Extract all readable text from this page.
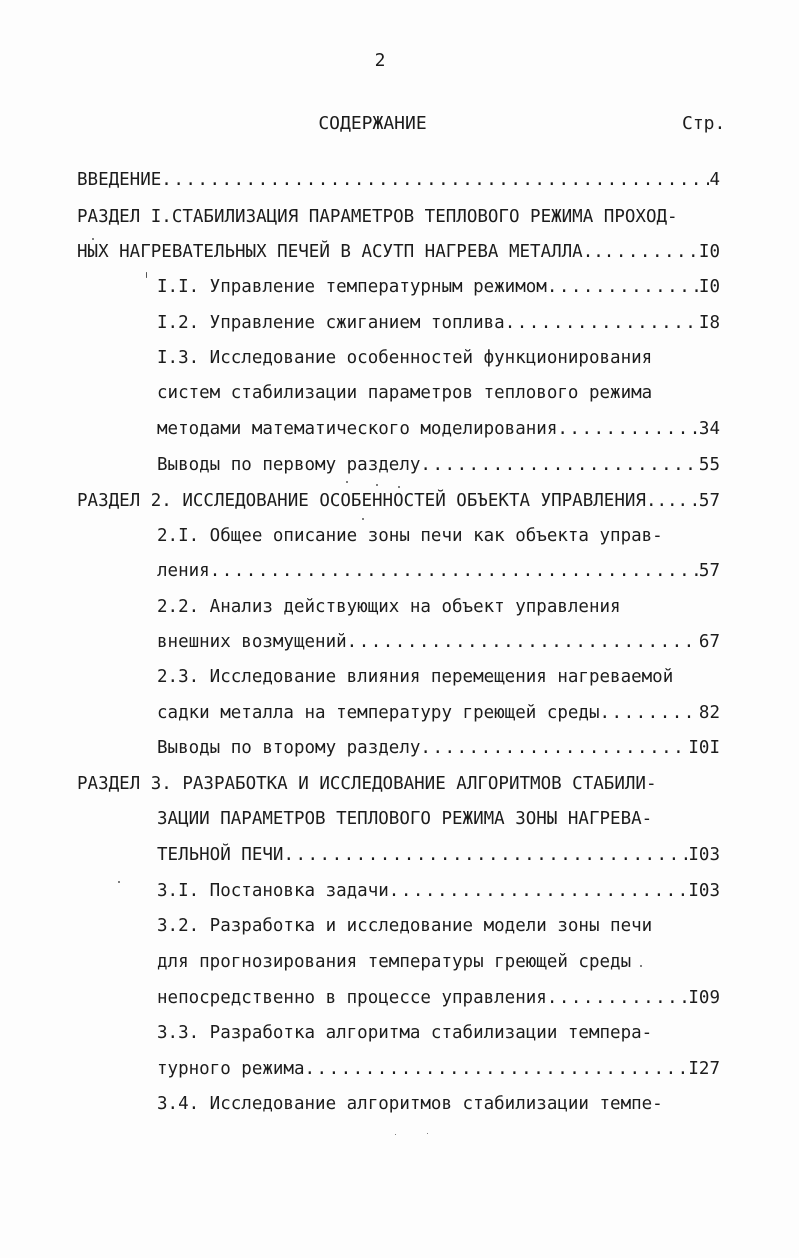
2
СОДЕРЖАНИЕ	Стр.
ВВЕДЕНИЕ .....	4
РАЗДЕЛ I.СТАБИЛИЗАЦИЯ ПАРАМЕТРОВ ТЕПЛОВОГО РЕЖИМА ПРОХОД-
НЫХ НАГРЕВАТЕЛЬНЫХ ПЕЧЕЙ В АСУТП НАГРЕВА МЕТАЛЛА.. .....	I0
I.I. Управление температурным режимом .....	I0
I.2. Управление сжиганием топлива .....	I8
I.3. Исследование особенностей функционирования
систем стабилизации параметров теплового режима
методами математического моделирования .....	34
Выводы по первому разделу .....	55
РАЗДЕЛ 2. ИССЛЕДОВАНИЕ ОСОБЕННОСТЕЙ ОБЪЕКТА УПРАВЛЕНИЯ... ..... 57
2.I. Общее описание зоны печи как объекта управ-
ления .....	57
2.2. Анализ действующих на объект управления
внешних возмущений .....	67
2.3. Исследование влияния перемещения нагреваемой
садки металла на температуру греющей среды .....	82
Выводы по второму разделу .....	I0I
РАЗДЕЛ 3. РАЗРАБОТКА И ИССЛЕДОВАНИЕ АЛГОРИТМОВ СТАБИЛИ-
ЗАЦИИ ПАРАМЕТРОВ ТЕПЛОВОГО РЕЖИМА ЗОНЫ НАГРЕВА-
ТЕЛЬНОЙ ПЕЧИ .....	I03
3.I. Постановка задачи .....	I03
3.2. Разработка и исследование модели зоны печи
для прогнозирования температуры греющей среды
непосредственно в процессе управления .....	I09
3.3. Разработка алгоритма стабилизации темпера-
турного режима .....	I27
3.4. Исследование алгоритмов стабилизации темпе-
